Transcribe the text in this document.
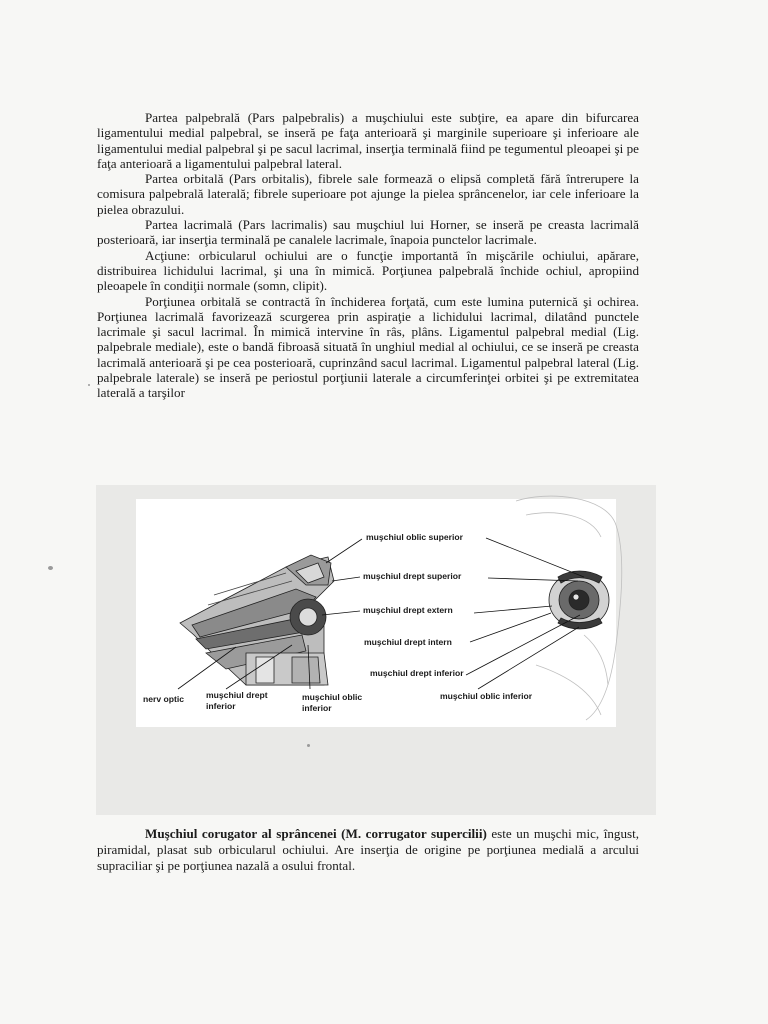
Partea palpebrală (Pars palpebralis) a muşchiului este subţire, ea apare din bifurcarea ligamentului medial palpebral, se inseră pe faţa anterioară şi marginile superioare şi inferioare ale ligamentului medial palpebral şi pe sacul lacrimal, inserţia terminală fiind pe tegumentul pleoapei şi pe faţa anterioară a ligamentului palpebral lateral.

Partea orbitală (Pars orbitalis), fibrele sale formează o elipsă completă fără întrerupere la comisura palpebrală laterală; fibrele superioare pot ajunge la pielea sprâncenelor, iar cele inferioare la pielea obrazului.

Partea lacrimală (Pars lacrimalis) sau muşchiul lui Horner, se inseră pe creasta lacrimală posterioară, iar inserţia terminală pe canalele lacrimale, înapoia punctelor lacrimale.

Acţiune: orbicularul ochiului are o funcţie importantă în mişcările ochiului, apărare, distribuirea lichidului lacrimal, şi una în mimică. Porţiunea palpebrală închide ochiul, apropiind pleoapele în condiţii normale (somn, clipit).

Porţiunea orbitală se contractă în închiderea forţată, cum este lumina puternică şi ochirea. Porţiunea lacrimală favorizează scurgerea prin aspiraţie a lichidului lacrimal, dilatând punctele lacrimale şi sacul lacrimal. În mimică intervine în râs, plâns. Ligamentul palpebral medial (Lig. palpebrale mediale), este o bandă fibroasă situată în unghiul medial al ochiului, ce se inseră pe creasta lacrimală anterioară şi pe cea posterioară, cuprinzând sacul lacrimal. Ligamentul palpebral lateral (Lig. palpebrale laterale) se inseră pe periostul porţiunii laterale a circumferinţei orbitei şi pe extremitatea laterală a tarşilor

muşchiul oblic superior
muşchiul drept superior
muşchiul drept extern
muşchiul drept intern
muşchiul drept inferior
nerv optic	muşchiul drept inferior
muşchiul oblic inferior
muşchiul oblic inferior

Muşchiul corugator al sprâncenei (M. corrugator supercilii) este un muşchi mic, îngust, piramidal, plasat sub orbicularul ochiului. Are inserţia de origine pe porţiunea medială a arcului supraciliar şi pe porţiunea nazală a osului frontal.
